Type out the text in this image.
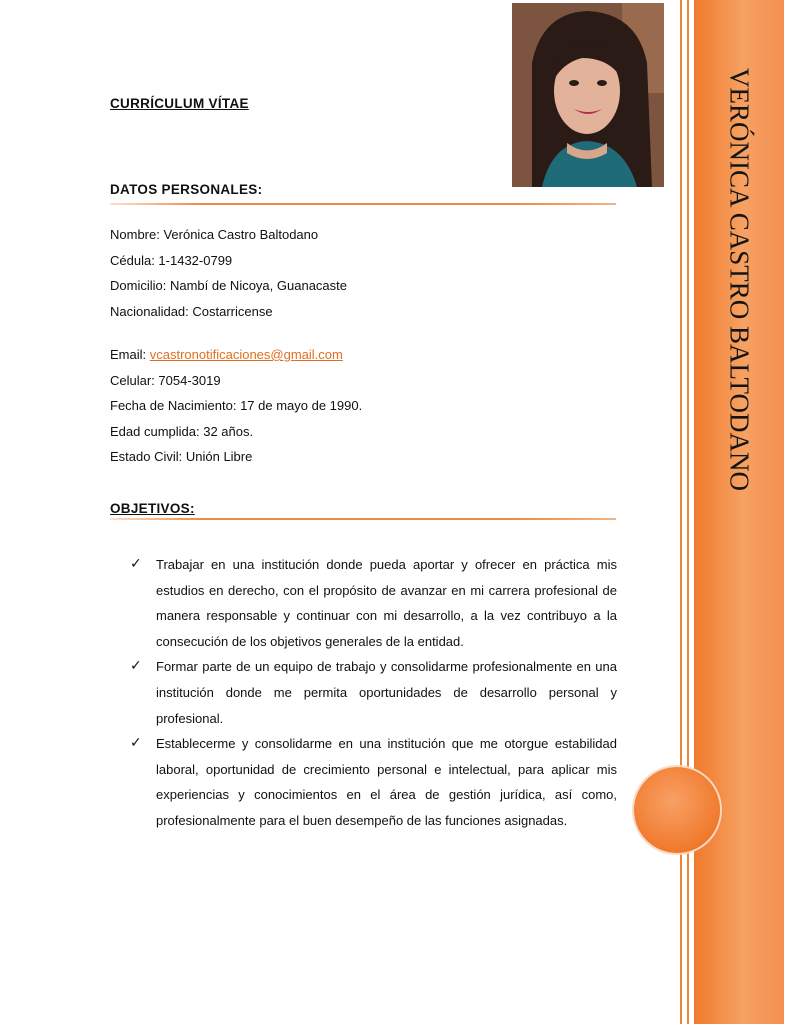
VERÓNICA CASTRO BALTODANO
CURRÍCULUM VÍTAE
DATOS PERSONALES:
Nombre: Verónica Castro Baltodano
Cédula: 1-1432-0799
Domicilio: Nambí de Nicoya, Guanacaste
Nacionalidad: Costarricense
Email: vcastronotificaciones@gmail.com
Celular: 7054-3019
Fecha de Nacimiento: 17 de mayo de 1990.
Edad cumplida: 32 años.
Estado Civil: Unión Libre
OBJETIVOS:
✓ Trabajar en una institución donde pueda aportar y ofrecer en práctica mis estudios en derecho, con el propósito de avanzar en mi carrera profesional de manera responsable y continuar con mi desarrollo, a la vez contribuyo a la consecución de los objetivos generales de la entidad.
✓ Formar parte de un equipo de trabajo y consolidarme profesionalmente en una institución donde me permita oportunidades de desarrollo personal y profesional.
✓ Establecerme y consolidarme en una institución que me otorgue estabilidad laboral, oportunidad de crecimiento personal e intelectual, para aplicar mis experiencias y conocimientos en el área de gestión jurídica, así como, profesionalmente para el buen desempeño de las funciones asignadas.
